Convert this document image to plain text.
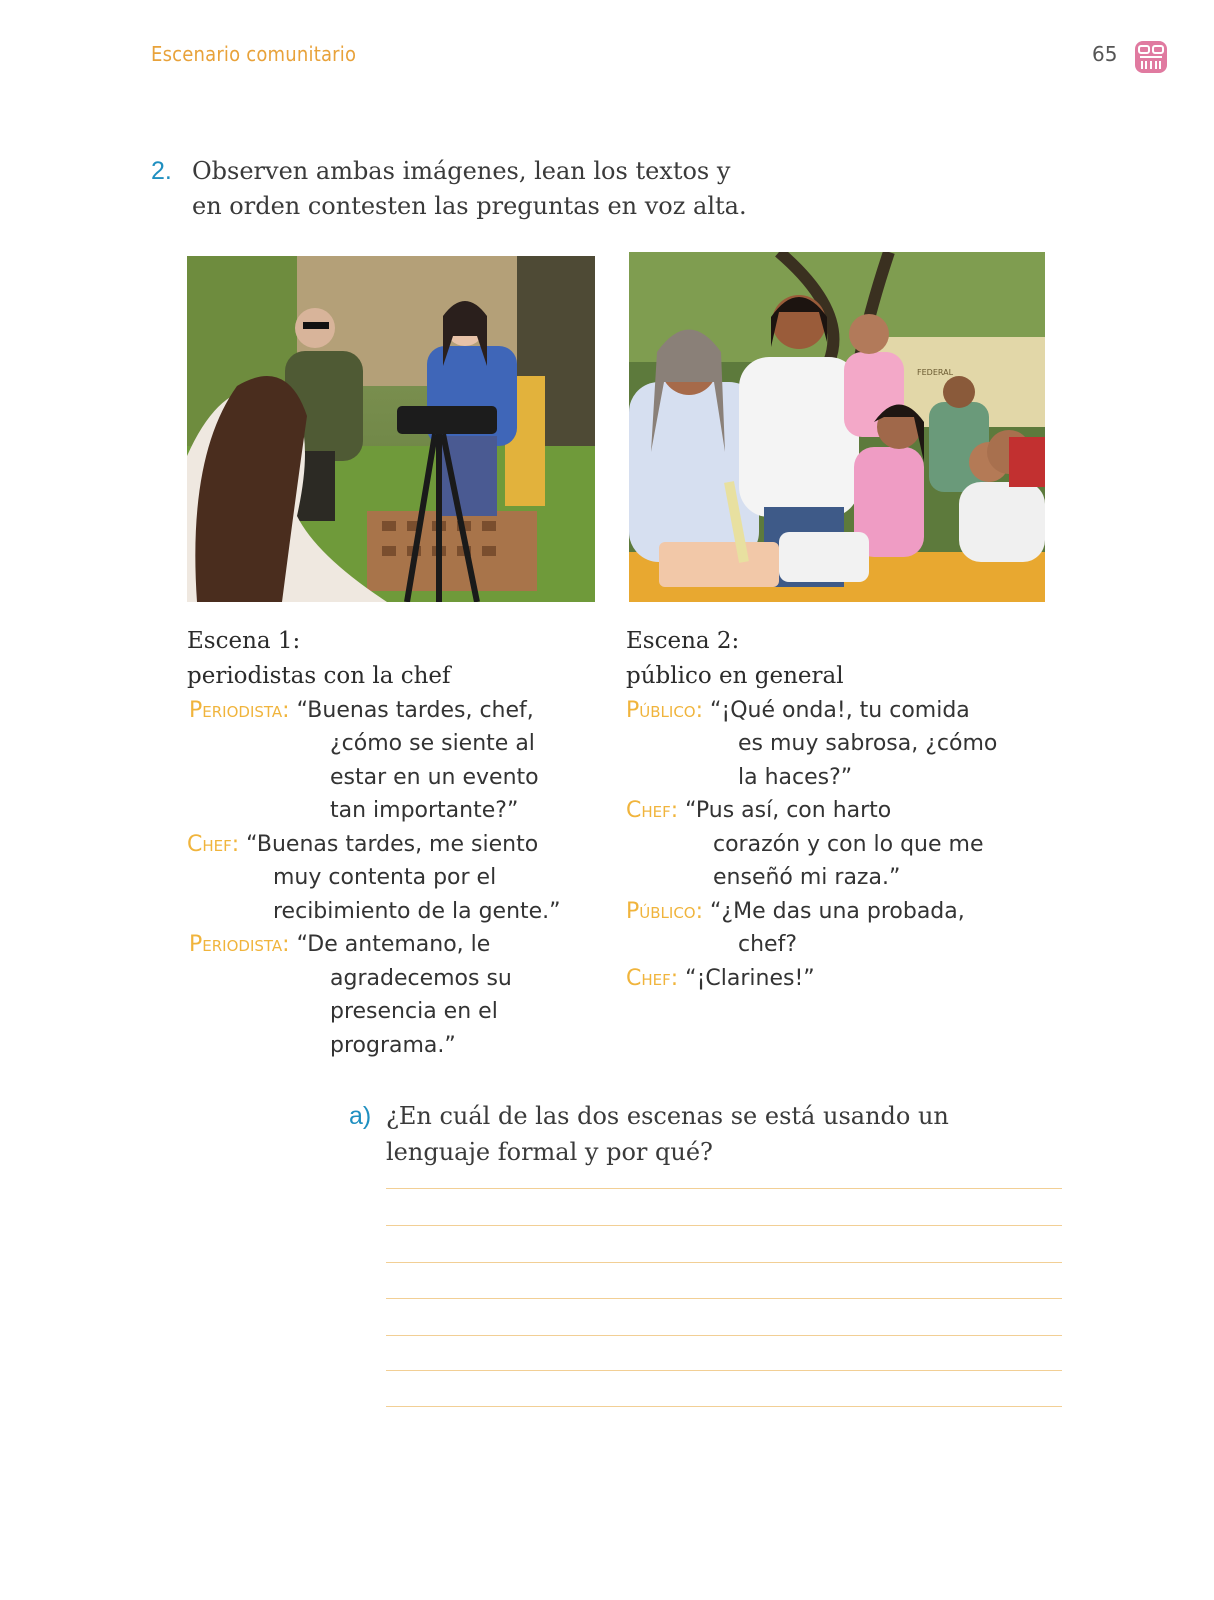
Escenario comunitario	65
2. Observen ambas imágenes, lean los textos y
en orden contesten las preguntas en voz alta.
FEDERAL
Escena 1:
periodistas con la chef
Escena 2:
público en general
Periodista: “Buenas tardes, chef,
¿cómo se siente al
estar en un evento
tan importante?”
Chef: “Buenas tardes, me siento
muy contenta por el
recibimiento de la gente.”
Periodista: “De antemano, le
agradecemos su
presencia en el
programa.”
Público: “¡Qué onda!, tu comida
es muy sabrosa, ¿cómo
la haces?”
Chef: “Pus así, con harto
corazón y con lo que me
enseñó mi raza.”
Público: “¿Me das una probada,
chef?
Chef: “¡Clarines!”
a) ¿En cuál de las dos escenas se está usando un
lenguaje formal y por qué?
